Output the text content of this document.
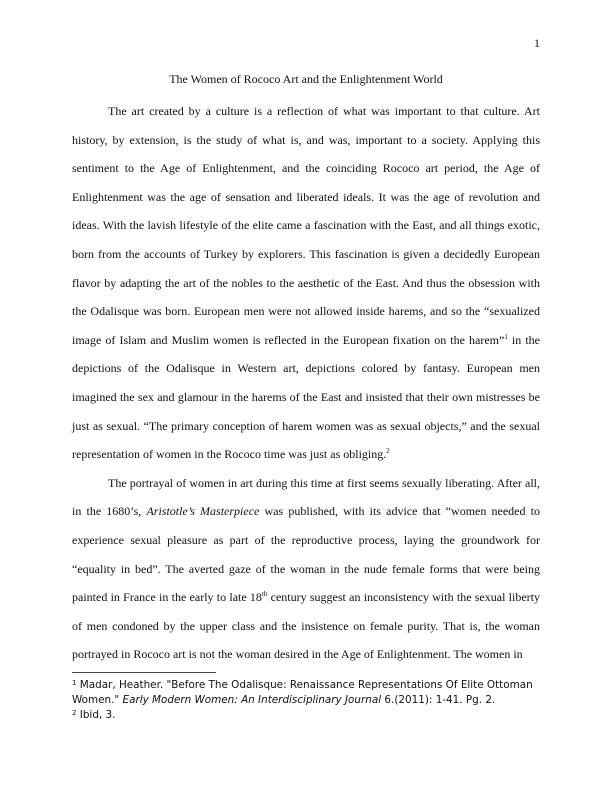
1
The Women of Rococo Art and the Enlightenment World

The art created by a culture is a reflection of what was important to that culture. Art history, by extension, is the study of what is, and was, important to a society. Applying this sentiment to the Age of Enlightenment, and the coinciding Rococo art period, the Age of Enlightenment was the age of sensation and liberated ideals. It was the age of revolution and ideas. With the lavish lifestyle of the elite came a fascination with the East, and all things exotic, born from the accounts of Turkey by explorers. This fascination is given a decidedly European flavor by adapting the art of the nobles to the aesthetic of the East. And thus the obsession with the Odalisque was born. European men were not allowed inside harems, and so the “sexualized image of Islam and Muslim women is reflected in the European fixation on the harem”$^1$ in the depictions of the Odalisque in Western art, depictions colored by fantasy. European men imagined the sex and glamour in the harems of the East and insisted that their own mistresses be just as sexual. “The primary conception of harem women was as sexual objects,” and the sexual representation of women in the Rococo time was just as obliging.$^2$

The portrayal of women in art during this time at first seems sexually liberating. After all, in the 1680’s, Aristotle’s Masterpiece was published, with its advice that “women needed to experience sexual pleasure as part of the reproductive process, laying the groundwork for “equality in bed”. The averted gaze of the woman in the nude female forms that were being painted in France in the early to late 18th century suggest an inconsistency with the sexual liberty of men condoned by the upper class and the insistence on female purity. That is, the woman portrayed in Rococo art is not the woman desired in the Age of Enlightenment. The women in

$^1$ Madar, Heather. "Before The Odalisque: Renaissance Representations Of Elite Ottoman Women." Early Modern Women: An Interdisciplinary Journal 6.(2011): 1-41. Pg. 2.

$^2$ Ibid, 3.
